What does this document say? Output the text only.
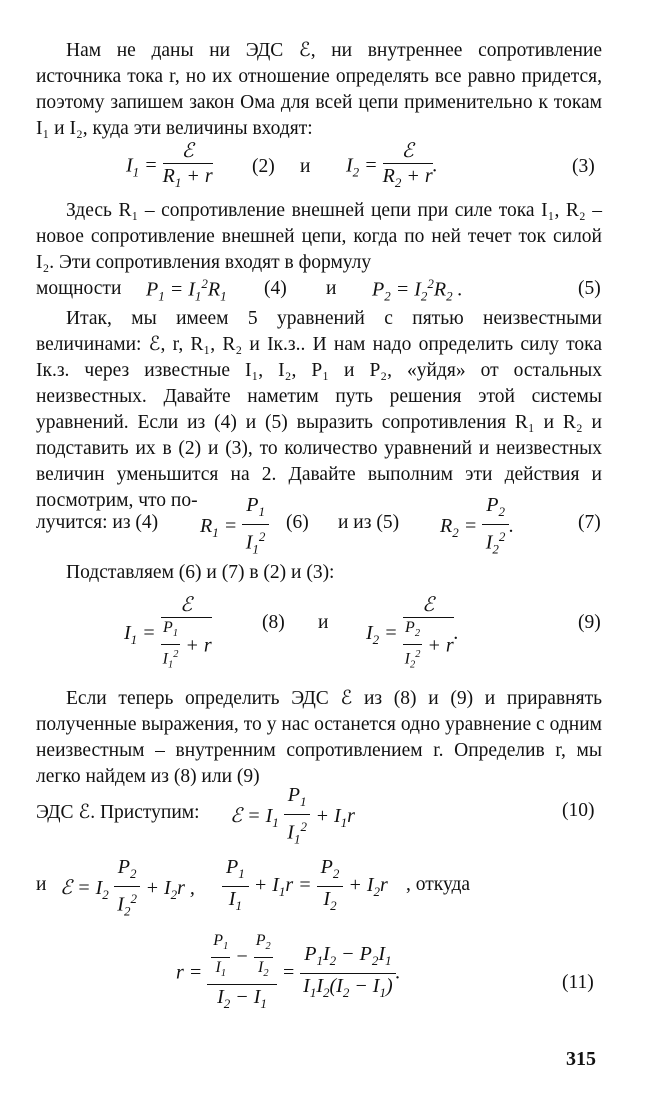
Нам не даны ни ЭДС ℰ, ни внутреннее сопротивление источника тока r, но их отношение определять все равно придется, поэтому запишем закон Ома для всей цепи применительно к токам I₁ и I₂, куда эти величины входят:

$I_1 = \frac{\text{ℰ}}{R_1 + r} (2)$ и $I_2 = \frac{\text{ℰ}}{R_2 + r}$ .	(3)

Здесь R₁ – сопротивление внешней цепи при силе тока I₁, R₂ – новое сопротивление внешней цепи, когда по ней течет ток силой I₂. Эти сопротивления входят в формулу

мощности $P_1 = I_1^2R_1$ (4) и $P_2 = I_2^2R_2$ .	(5)

Итак, мы имеем 5 уравнений с пятью неизвестными величинами: ℰ, r, R₁, R₂ и Iк.з.. И нам надо определить силу тока Iк.з. через известные I₁, I₂, P₁ и P₂, «уйдя» от остальных неизвестных. Давайте наметим путь решения этой системы уравнений. Если из (4) и (5) выразить сопротивления R₁ и R₂ и подставить их в (2) и (3), то количество уравнений и неизвестных величин уменьшится на 2. Давайте выполним эти действия и посмотрим, что по-

лучится: из (4) $R_1 = \frac{P_1}{I_1^2} (6)$ и из (5) $R_2 = \frac{P_2}{I_2^2}$ .	(7)

Подставляем (6) и (7) в (2) и (3):

$I_1 = \frac{\text{ℰ}}{\frac{P_1}{I_1^2} + r}$	(8) и $I_2 = \frac{\text{ℰ}}{\frac{P_2}{I_2^2} + r}$ .	(9)

Если теперь определить ЭДС ℰ из (8) и (9) и приравнять полученные выражения, то у нас останется одно уравнение с одним неизвестным – внутренним сопротивлением r. Определив r, мы легко найдем из (8) или (9)

ЭДС ℰ. Приступим: ℰ = $I_1 \frac{P_1}{I_1^2} + I_1r$	(10)
и ℰ = $I_2 \frac{P_2}{I_2^2} + I_2r$ , $\frac{P_1}{I_1} + I_1r = \frac{P_2}{I_2} + I_2r$ , откуда
$r = \frac{\frac{P_1}{I_1} - \frac{P_2}{I_2}}{I_2 - I_1} = \frac{P_1I_2 - P_2I_1}{I_1I_2(I_2 - I_1)}$ .	(11)
315
